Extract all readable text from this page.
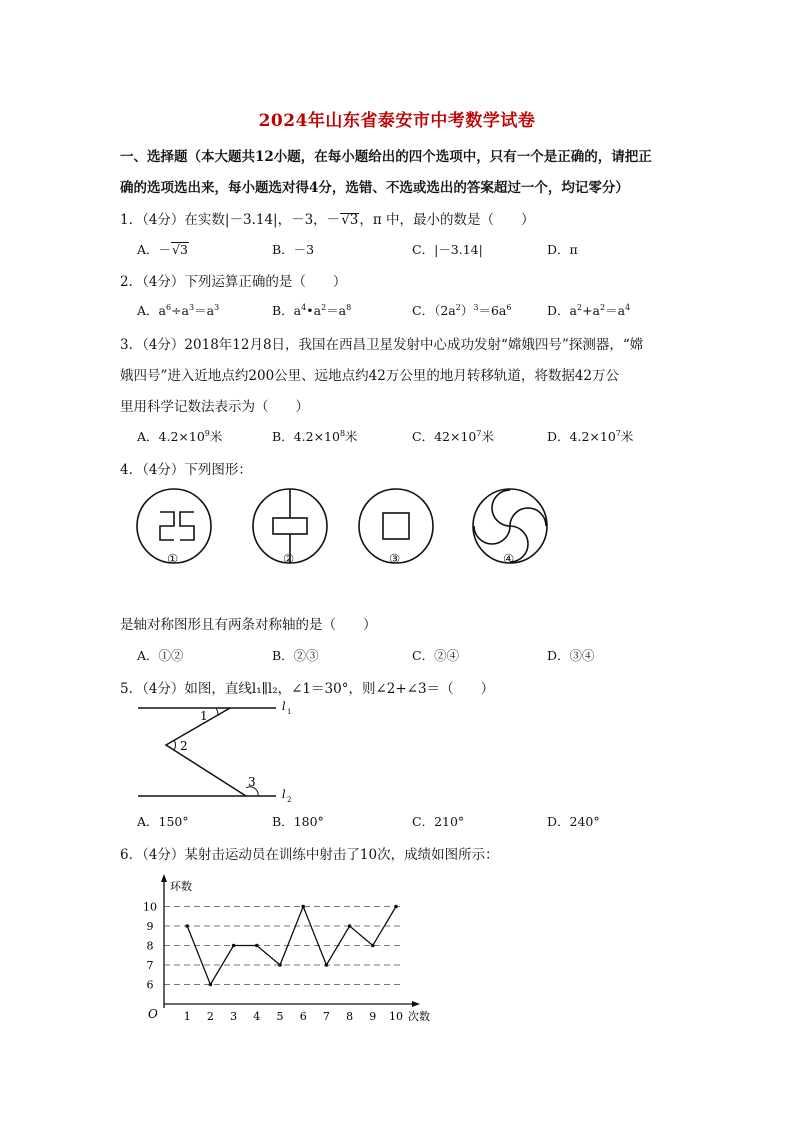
2024年山东省泰安市中考数学试卷
一、选择题（本大题共12小题，在每小题给出的四个选项中，只有一个是正确的，请把正
确的选项选出来，每小题选对得4分，选错、不选或选出的答案超过一个，均记零分）
1．（4分）在实数|－3.14|，－3，－√3，π 中，最小的数是（　　）
A．－√3	B．－3	C．|－3.14|	D．π
2．（4分）下列运算正确的是（　　）
A．$a^6\div a^3=a^3$	B．$a^4•a^2=a^8$	C．$(2a^2)^3=6a^6$	D．$a^2+a^2=a^4$
3．（4分）2018年12月8日，我国在西昌卫星发射中心成功发射“嫦娥四号”探测器，“嫦
娥四号”进入近地点约200公里、远地点约42万公里的地月转移轨道，将数据42万公
里用科学记数法表示为（　　）
A．$4.2\times 10^9$米	B．$4.2\times 10^8$米	C．$42\times 10^7$米	D．$4.2\times 10^7$米
4．（4分）下列图形：
①	②	③	④
是轴对称图形且有两条对称轴的是（　　）
A．①②	B．②③	C．②④	D．③④
5．（4分）如图，直线l₁∥l₂，∠1＝30°，则∠2+∠3＝（　　）
1
2
3
l 1
l 2
A．150°	B．180°	C．210°	D．240°
6．（4分）某射击运动员在训练中射击了10次，成绩如图所示：
6
7
8
9
10
环数
次数
O 1 2 3 4 5 6 7 8 9 10
